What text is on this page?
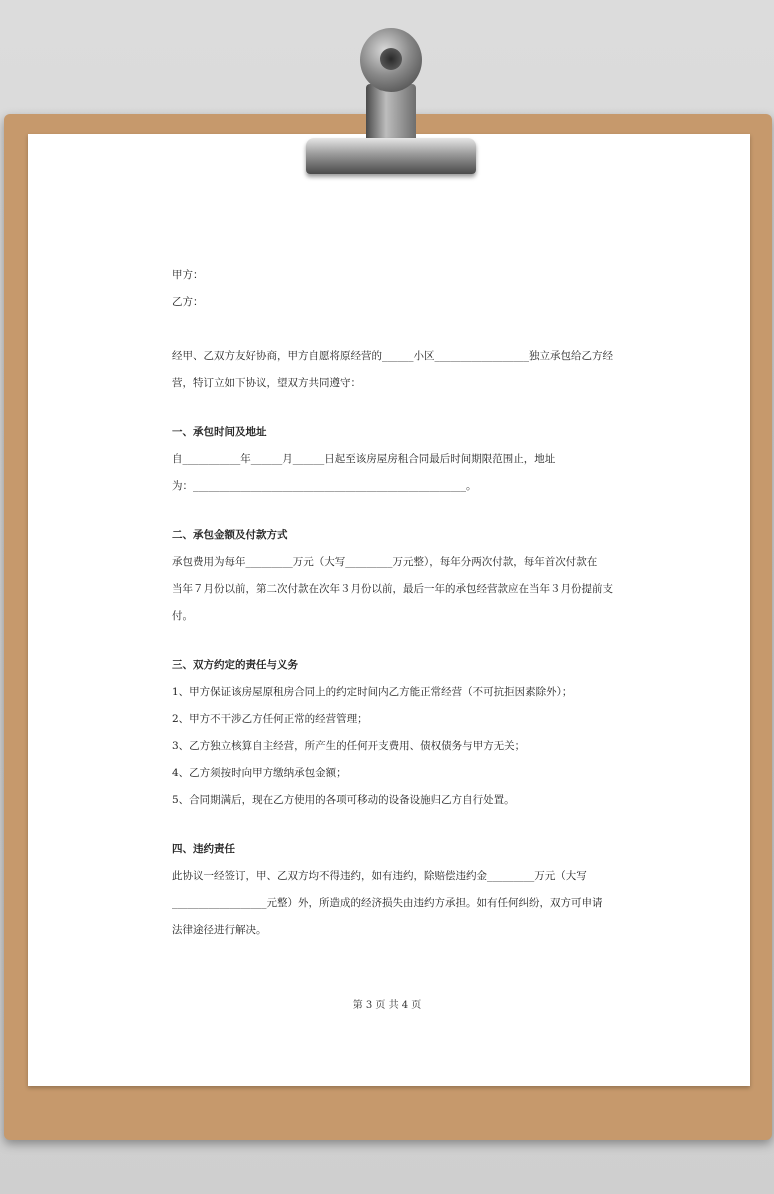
甲方：
乙方：
经甲、乙双方友好协商，甲方自愿将原经营的______小区__________________独立承包给乙方经
营，特订立如下协议，望双方共同遵守：
一、承包时间及地址
自___________年______月______日起至该房屋房租合同最后时间期限范围止，地址
为：____________________________________________________。
二、承包金额及付款方式
承包费用为每年_________万元（大写_________万元整），每年分两次付款，每年首次付款在
当年７月份以前，第二次付款在次年３月份以前，最后一年的承包经营款应在当年３月份提前支
付。
三、双方约定的责任与义务
1、甲方保证该房屋原租房合同上的约定时间内乙方能正常经营（不可抗拒因素除外）；
2、甲方不干涉乙方任何正常的经营管理；
3、乙方独立核算自主经营，所产生的任何开支费用、债权债务与甲方无关；
4、乙方须按时向甲方缴纳承包金额；
5、合同期满后，现在乙方使用的各项可移动的设备设施归乙方自行处置。
四、违约责任
此协议一经签订，甲、乙双方均不得违约，如有违约，除赔偿违约金_________万元（大写
__________________元整）外，所造成的经济损失由违约方承担。如有任何纠纷，双方可申请
法律途径进行解决。
第 3 页 共 4 页
